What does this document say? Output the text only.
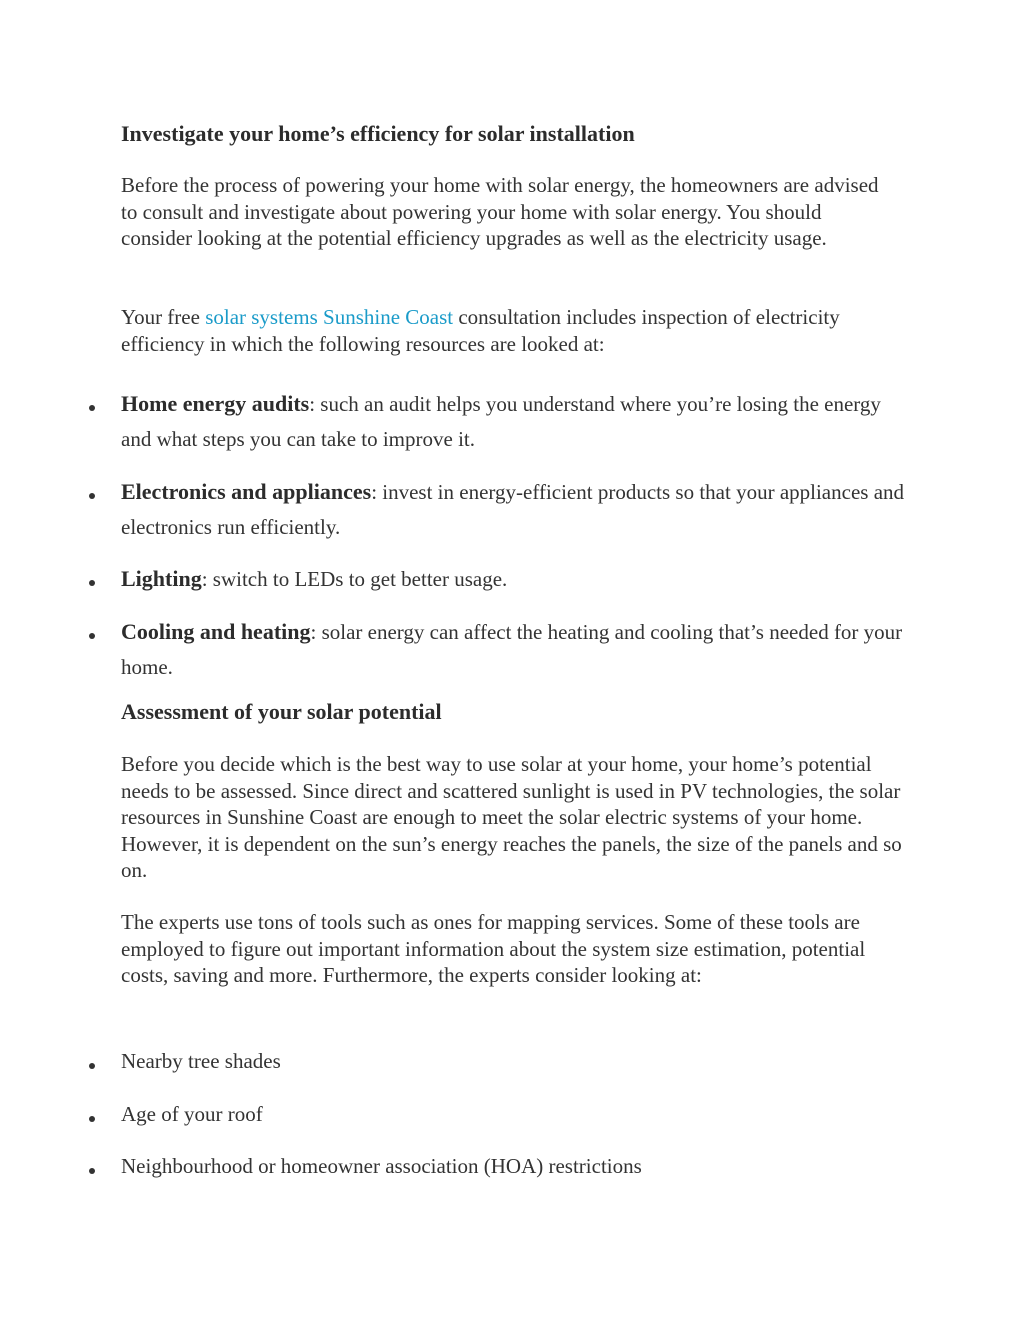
Investigate your home’s efficiency for solar installation

Before the process of powering your home with solar energy, the homeowners are advised to consult and investigate about powering your home with solar energy. You should consider looking at the potential efficiency upgrades as well as the electricity usage.

Your free solar systems Sunshine Coast consultation includes inspection of electricity efficiency in which the following resources are looked at:

Home energy audits: such an audit helps you understand where you’re losing the energy and what steps you can take to improve it.
Electronics and appliances: invest in energy-efficient products so that your appliances and electronics run efficiently.
Lighting: switch to LEDs to get better usage.
Cooling and heating: solar energy can affect the heating and cooling that’s needed for your home.
Assessment of your solar potential

Before you decide which is the best way to use solar at your home, your home’s potential needs to be assessed. Since direct and scattered sunlight is used in PV technologies, the solar resources in Sunshine Coast are enough to meet the solar electric systems of your home. However, it is dependent on the sun’s energy reaches the panels, the size of the panels and so on.

The experts use tons of tools such as ones for mapping services. Some of these tools are employed to figure out important information about the system size estimation, potential costs, saving and more. Furthermore, the experts consider looking at:

Nearby tree shades
Age of your roof
Neighbourhood or homeowner association (HOA) restrictions
